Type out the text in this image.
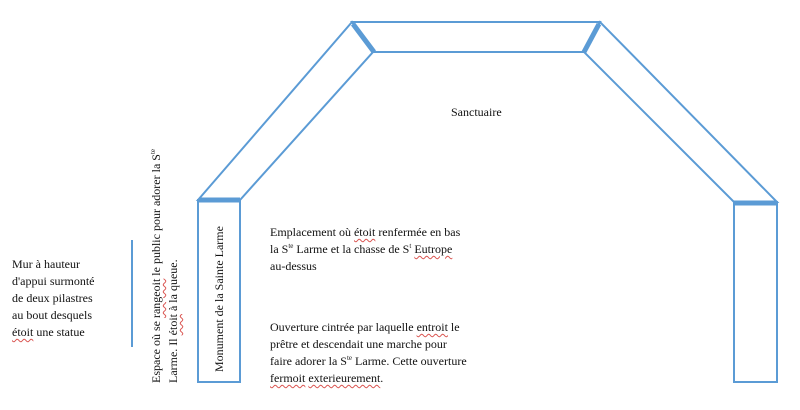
Sanctuaire
Mur à hauteur
d'appui surmonté
de deux pilastres
au bout desquels
étoit une statue	Espace où se rangeoit le public pour adorer la $S^{te}$
Larme. Il étoit à la queue.	Monument de la Sainte Larme	Emplacement où étoit renfermée en bas
la $S^{te}$ Larme et la chasse de $S^t$ Eutrope
au-dessus
Ouverture cintrée par laquelle entroit le
prêtre et descendait une marche pour
faire adorer la $S^{te}$ Larme. Cette ouverture
fermoit exterieurement.
